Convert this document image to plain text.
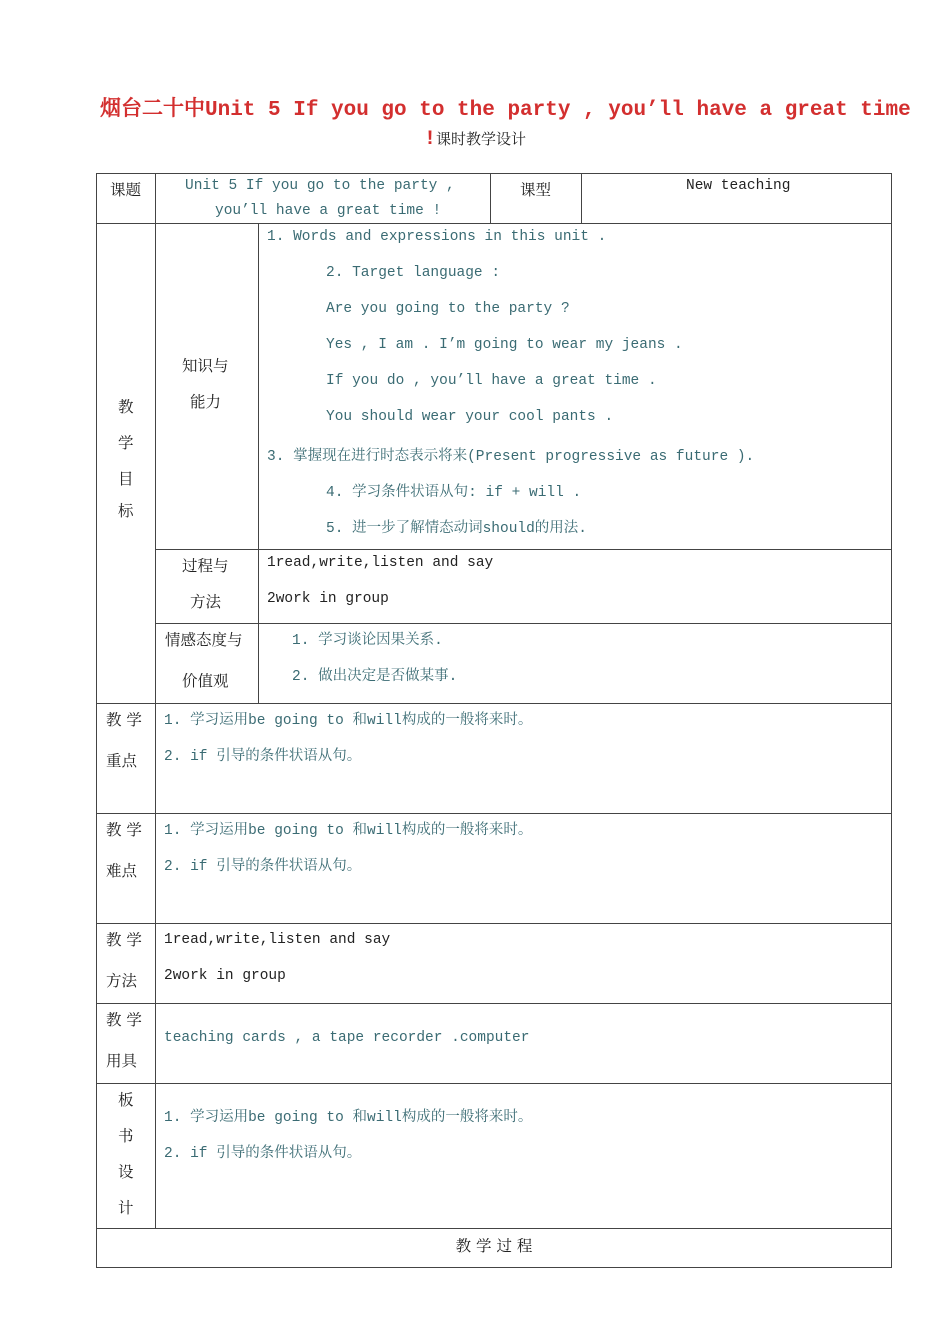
烟台二十中Unit 5 If you go to the party , you’ll have a great time
!课时教学设计
课题	Unit 5 If you go to the party ,
you’ll have a great time !
课型	New teaching
教
学
目
标
知识与
能力
1. Words and expressions in this unit .
2. Target language :
Are you going to the party ?
Yes , I am . I’m going to wear my jeans .
If you do , you’ll have a great time .
You should wear your cool pants .
3. 掌握现在进行时态表示将来(Present progressive as future ).
4. 学习条件状语从句: if + will .
5. 进一步了解情态动词should的用法.
过程与
方法
1read,write,listen and say
2work in group
情感态度与
价值观
1. 学习谈论因果关系.
2. 做出决定是否做某事.
教 学
重点
1. 学习运用be going to 和will构成的一般将来时。
2. if 引导的条件状语从句。
教 学
难点
1. 学习运用be going to 和will构成的一般将来时。
2. if 引导的条件状语从句。
教 学
方法
1read,write,listen and say
2work in group
教 学
用具
teaching cards , a tape recorder .computer
板
书
设
计
1. 学习运用be going to 和will构成的一般将来时。
2. if 引导的条件状语从句。
教 学 过 程
